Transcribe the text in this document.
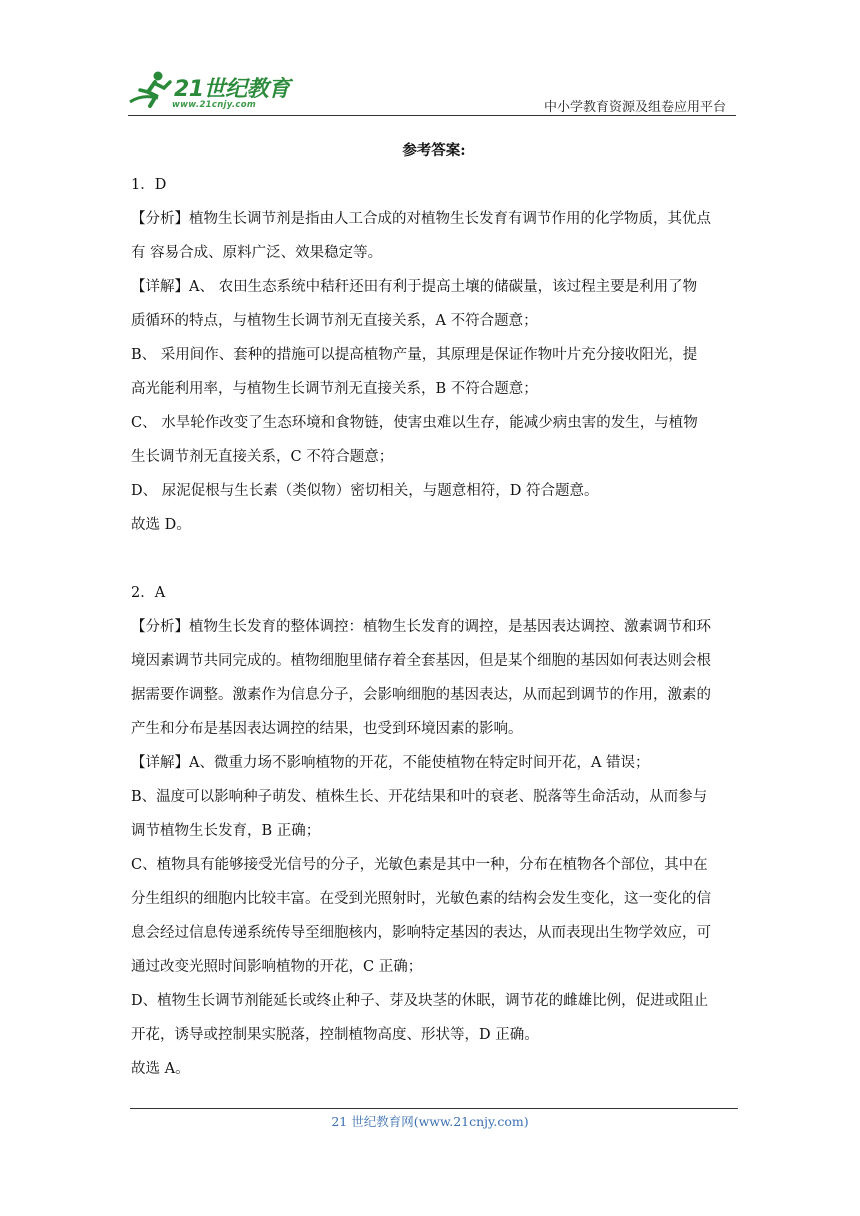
21世纪教育
www.21cnjy.com	中小学教育资源及组卷应用平台
参考答案:
1．D
【分析】植物生长调节剂是指由人工合成的对植物生长发育有调节作用的化学物质，其优点
有 容易合成、原料广泛、效果稳定等。
【详解】A、 农田生态系统中秸秆还田有利于提高土壤的储碳量，该过程主要是利用了物
质循环的特点，与植物生长调节剂无直接关系，A 不符合题意；
B、 采用间作、套种的措施可以提高植物产量，其原理是保证作物叶片充分接收阳光，提
高光能利用率，与植物生长调节剂无直接关系，B 不符合题意；
C、 水旱轮作改变了生态环境和食物链，使害虫难以生存，能减少病虫害的发生，与植物
生长调节剂无直接关系，C 不符合题意；
D、 尿泥促根与生长素（类似物）密切相关，与题意相符，D 符合题意。
故选 D。
2．A
【分析】植物生长发育的整体调控：植物生长发育的调控，是基因表达调控、激素调节和环
境因素调节共同完成的。植物细胞里储存着全套基因，但是某个细胞的基因如何表达则会根
据需要作调整。激素作为信息分子，会影响细胞的基因表达，从而起到调节的作用，激素的
产生和分布是基因表达调控的结果，也受到环境因素的影响。
【详解】A、微重力场不影响植物的开花，不能使植物在特定时间开花，A 错误；
B、温度可以影响种子萌发、植株生长、开花结果和叶的衰老、脱落等生命活动，从而参与
调节植物生长发育，B 正确；
C、植物具有能够接受光信号的分子，光敏色素是其中一种，分布在植物各个部位，其中在
分生组织的细胞内比较丰富。在受到光照射时，光敏色素的结构会发生变化，这一变化的信
息会经过信息传递系统传导至细胞核内，影响特定基因的表达，从而表现出生物学效应，可
通过改变光照时间影响植物的开花，C 正确；
D、植物生长调节剂能延长或终止种子、芽及块茎的休眠，调节花的雌雄比例，促进或阻止
开花，诱导或控制果实脱落，控制植物高度、形状等，D 正确。
故选 A。
21 世纪教育网(www.21cnjy.com)
